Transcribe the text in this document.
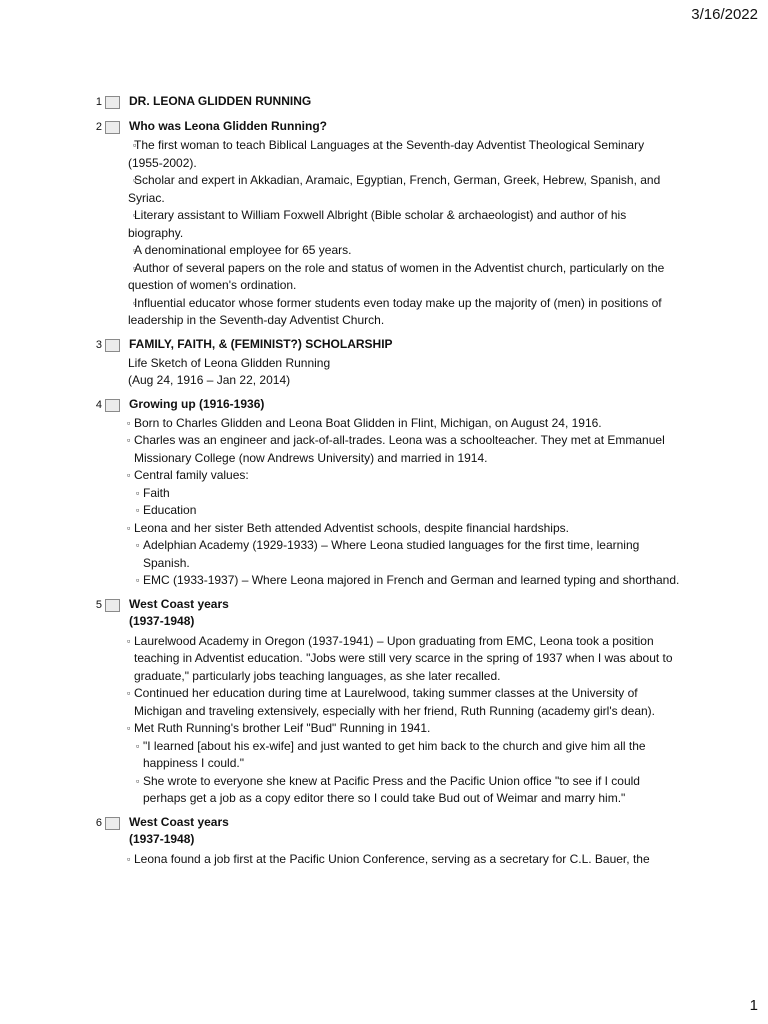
3/16/2022
1 DR. LEONA GLIDDEN RUNNING
2 Who was Leona Glidden Running?
▫ The first woman to teach Biblical Languages at the Seventh-day Adventist Theological Seminary (1955-2002).
▫ Scholar and expert in Akkadian, Aramaic, Egyptian, French, German, Greek, Hebrew, Spanish, and Syriac.
▫ Literary assistant to William Foxwell Albright (Bible scholar & archaeologist) and author of his biography.
▫ A denominational employee for 65 years.
▫ Author of several papers on the role and status of women in the Adventist church, particularly on the question of women's ordination.
▫ Influential educator whose former students even today make up the majority of (men) in positions of leadership in the Seventh-day Adventist Church.
3 FAMILY, FAITH, & (FEMINIST?) SCHOLARSHIP

Life Sketch of Leona Glidden Running

(Aug 24, 1916 – Jan 22, 2014)

4 Growing up (1916-1936)
▫ Born to Charles Glidden and Leona Boat Glidden in Flint, Michigan, on August 24, 1916.
▫ Charles was an engineer and jack-of-all-trades. Leona was a schoolteacher. They met at Emmanuel Missionary College (now Andrews University) and married in 1914.
▫ Central family values:
▫ Faith
▫ Education
▫ Leona and her sister Beth attended Adventist schools, despite financial hardships.
▫ Adelphian Academy (1929-1933) – Where Leona studied languages for the first time, learning Spanish.
▫ EMC (1933-1937) – Where Leona majored in French and German and learned typing and shorthand.
5 West Coast years
(1937-1948)
▫ Laurelwood Academy in Oregon (1937-1941) – Upon graduating from EMC, Leona took a position teaching in Adventist education. "Jobs were still very scarce in the spring of 1937 when I was about to graduate," particularly jobs teaching languages, as she later recalled.
▫ Continued her education during time at Laurelwood, taking summer classes at the University of Michigan and traveling extensively, especially with her friend, Ruth Running (academy girl's dean).
▫ Met Ruth Running's brother Leif "Bud" Running in 1941.
▫ "I learned [about his ex-wife] and just wanted to get him back to the church and give him all the happiness I could."
▫ She wrote to everyone she knew at Pacific Press and the Pacific Union office "to see if I could perhaps get a job as a copy editor there so I could take Bud out of Weimar and marry him."
6 West Coast years
(1937-1948)
▫ Leona found a job first at the Pacific Union Conference, serving as a secretary for C.L. Bauer, the
1
